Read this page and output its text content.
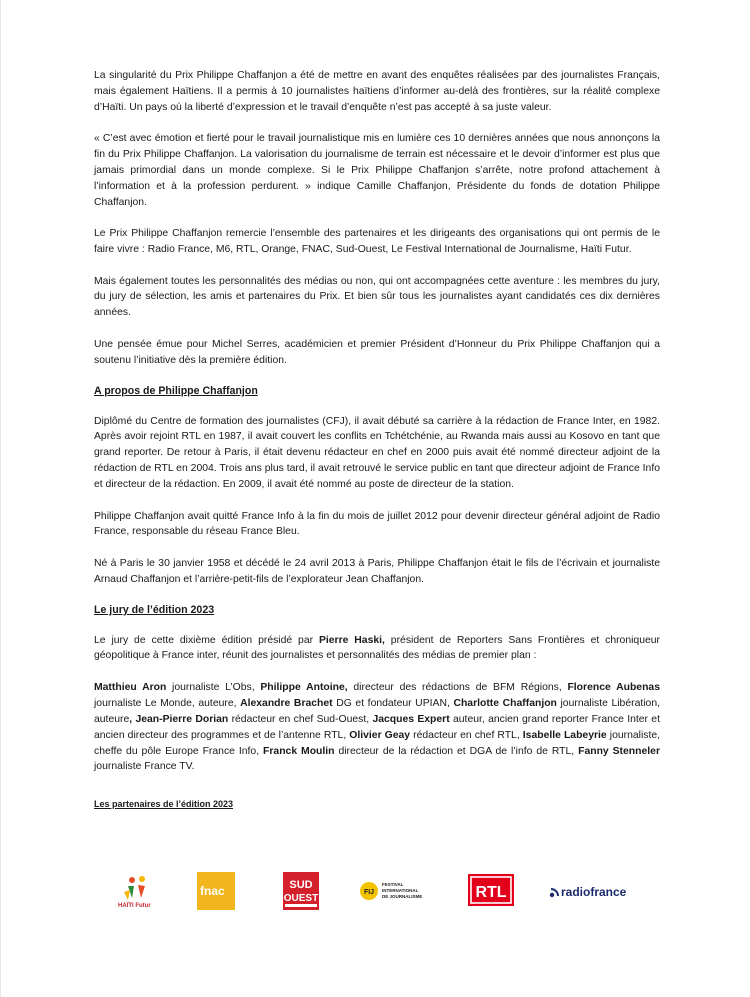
La singularité du Prix Philippe Chaffanjon a été de mettre en avant des enquêtes réalisées par des journalistes Français, mais également Haïtiens. Il a permis à 10 journalistes haïtiens d’informer au-delà des frontières, sur la réalité complexe d’Haïti. Un pays où la liberté d’expression et le travail d’enquête n’est pas accepté à sa juste valeur.

« C’est avec émotion et fierté pour le travail journalistique mis en lumière ces 10 dernières années que nous annonçons la fin du Prix Philippe Chaffanjon. La valorisation du journalisme de terrain est nécessaire et le devoir d’informer est plus que jamais primordial dans un monde complexe. Si le Prix Philippe Chaffanjon s’arrête, notre profond attachement à l’information et à la profession perdurent. » indique Camille Chaffanjon, Présidente du fonds de dotation Philippe Chaffanjon.

Le Prix Philippe Chaffanjon remercie l’ensemble des partenaires et les dirigeants des organisations qui ont permis de le faire vivre : Radio France, M6, RTL, Orange, FNAC, Sud-Ouest, Le Festival International de Journalisme, Haïti Futur.

Mais également toutes les personnalités des médias ou non, qui ont accompagnées cette aventure : les membres du jury, du jury de sélection, les amis et partenaires du Prix. Et bien sûr tous les journalistes ayant candidatés ces dix dernières années.

Une pensée émue pour Michel Serres, académicien et premier Président d’Honneur du Prix Philippe Chaffanjon qui a soutenu l’initiative dès la première édition.

A propos de Philippe Chaffanjon

Diplômé du Centre de formation des journalistes (CFJ), il avait débuté sa carrière à la rédaction de France Inter, en 1982. Après avoir rejoint RTL en 1987, il avait couvert les conflits en Tchétchénie, au Rwanda mais aussi au Kosovo en tant que grand reporter. De retour à Paris, il était devenu rédacteur en chef en 2000 puis avait été nommé directeur adjoint de la rédaction de RTL en 2004. Trois ans plus tard, il avait retrouvé le service public en tant que directeur adjoint de France Info et directeur de la rédaction. En 2009, il avait été nommé au poste de directeur de la station.

Philippe Chaffanjon avait quitté France Info à la fin du mois de juillet 2012 pour devenir directeur général adjoint de Radio France, responsable du réseau France Bleu.

Né à Paris le 30 janvier 1958 et décédé le 24 avril 2013 à Paris, Philippe Chaffanjon était le fils de l’écrivain et journaliste Arnaud Chaffanjon et l’arrière-petit-fils de l’explorateur Jean Chaffanjon.

Le jury de l’édition 2023

Le jury de cette dixième édition présidé par Pierre Haski, président de Reporters Sans Frontières et chroniqueur géopolitique à France inter, réunit des journalistes et personnalités des médias de premier plan :

Matthieu Aron journaliste L’Obs, Philippe Antoine, directeur des rédactions de BFM Régions, Florence Aubenas journaliste Le Monde, auteure, Alexandre Brachet DG et fondateur UPIAN, Charlotte Chaffanjon journaliste Libération, auteure, Jean-Pierre Dorian rédacteur en chef Sud-Ouest, Jacques Expert auteur, ancien grand reporter France Inter et ancien directeur des programmes et de l’antenne RTL, Olivier Geay rédacteur en chef RTL, Isabelle Labeyrie journaliste, cheffe du pôle Europe France Info, Franck Moulin directeur de la rédaction et DGA de l’info de RTL, Fanny Stenneler journaliste France TV.

Les partenaires de l’édition 2023
HAÏTI Futur
fnac	SUD
OUEST
FIJ
FESTIVAL
INTERNATIONAL
DE JOURNALISME	RTL	radiofrance
